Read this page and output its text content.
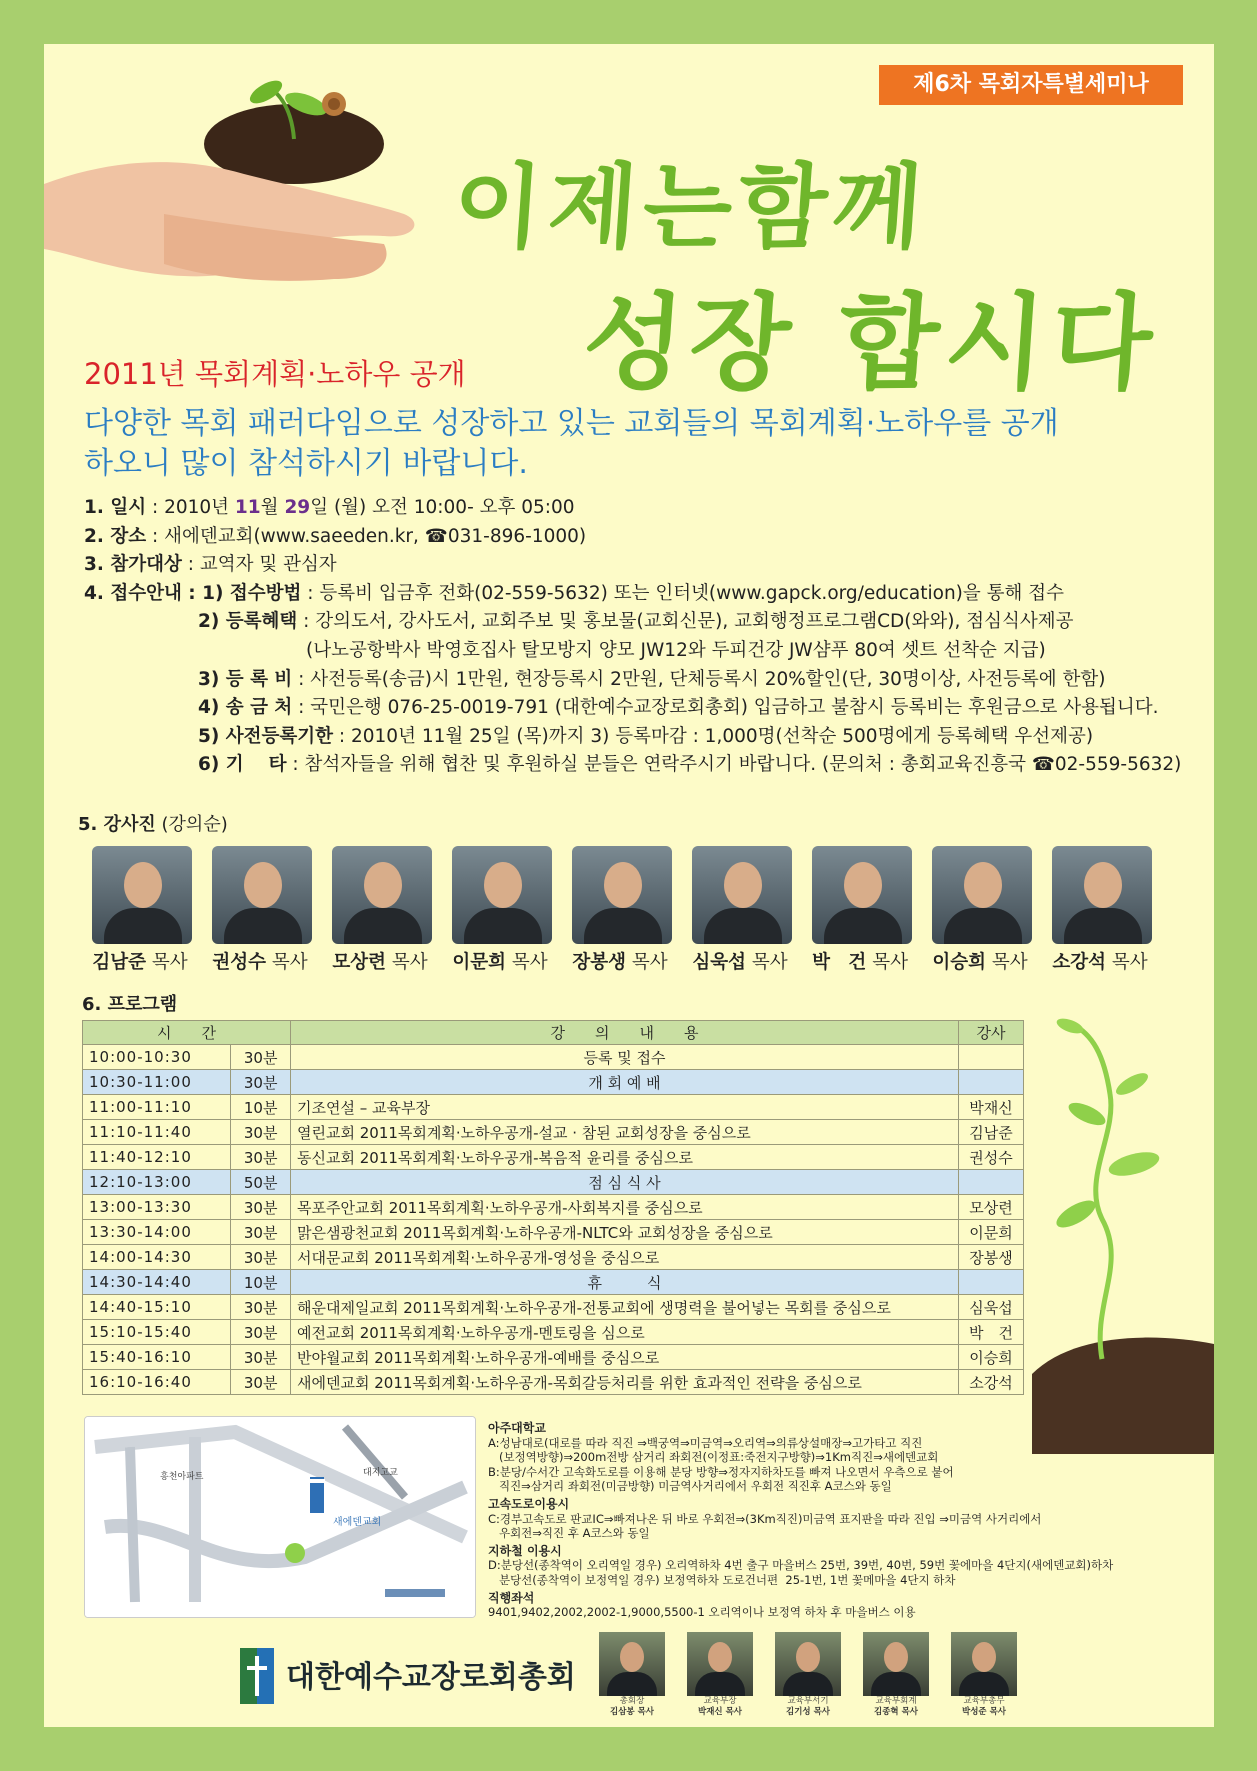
제6차 목회자특별세미나
이제는함께
성장 합시다
2011년 목회계획·노하우 공개
다양한 목회 패러다임으로 성장하고 있는 교회들의 목회계획·노하우를 공개하오니 많이 참석하시기 바랍니다.
1. 일시 : 2010년 11월 29일 (월) 오전 10:00- 오후 05:00
2. 장소 : 새에덴교회(www.saeeden.kr, ☎031-896-1000)
3. 참가대상 : 교역자 및 관심자
4. 접수안내 : 1) 접수방법 : 등록비 입금후 전화(02-559-5632) 또는 인터넷(www.gapck.org/education)을 통해 접수
2) 등록혜택 : 강의도서, 강사도서, 교회주보 및 홍보물(교회신문), 교회행정프로그램CD(와와), 점심식사제공
(나노공항박사 박영호집사 탈모방지 양모 JW12와 두피건강 JW샴푸 80여 셋트 선착순 지급)
3) 등 록 비 : 사전등록(송금)시 1만원, 현장등록시 2만원, 단체등록시 20%할인(단, 30명이상, 사전등록에 한함)
4) 송 금 처 : 국민은행 076-25-0019-791 (대한예수교장로회총회) 입금하고 불참시 등록비는 후원금으로 사용됩니다.
5) 사전등록기한 : 2010년 11월 25일 (목)까지 3) 등록마감 : 1,000명(선착순 500명에게 등록혜택 우선제공)
6) 기　 타 : 참석자들을 위해 협찬 및 후원하실 분들은 연락주시기 바랍니다. (문의처 : 총회교육진흥국 ☎02-559-5632)
5. 강사진 (강의순)
김남준 목사	권성수 목사	모상련 목사	이문희 목사	장봉생 목사	심욱섭 목사	박　건 목사	이승희 목사	소강석 목사
6. 프로그램
시　　간		강　　의　　내　　용	강사
10:00-10:30	30분	등록 및 접수	
10:30-11:00	30분	개 회 예 배	
11:00-11:10	10분	기조연설 – 교육부장	박재신
11:10-11:40	30분	열린교회 2011목회계획·노하우공개-설교 · 참된 교회성장을 중심으로	김남준
11:40-12:10	30분	동신교회 2011목회계획·노하우공개-복음적 윤리를 중심으로	권성수
12:10-13:00	50분	점 심 식 사	
13:00-13:30	30분	목포주안교회 2011목회계획·노하우공개-사회복지를 중심으로	모상련
13:30-14:00	30분	맑은샘광천교회 2011목회계획·노하우공개-NLTC와 교회성장을 중심으로	이문희
14:00-14:30	30분	서대문교회 2011목회계획·노하우공개-영성을 중심으로	장봉생
14:30-14:40	10분	휴　　　식	
14:40-15:10	30분	해운대제일교회 2011목회계획·노하우공개-전통교회에 생명력을 불어넣는 목회를 중심으로	심욱섭
15:10-15:40	30분	예전교회 2011목회계획·노하우공개-멘토링을 심으로	박　건
15:40-16:10	30분	반야월교회 2011목회계획·노하우공개-예배를 중심으로	이승희
16:10-16:40	30분	새에덴교회 2011목회계획·노하우공개-목회갈등처리를 위한 효과적인 전략을 중심으로	소강석
새에덴교회
대지고교
흥천아파트
아주대학교
A:성남대로(대로를 따라 직진 ⇒백궁역⇒미금역⇒오리역⇒의류상설매장⇒고가타고 직진
(보정역방향)⇒200m전방 삼거리 좌회전(이정표:죽전지구방향)⇒1Km직진⇒새에덴교회
B:분당/수서간 고속화도로를 이용해 분당 방향⇒정자지하차도를 빠져 나오면서 우측으로 붙어
직진⇒삼거리 좌회전(미금방향) 미금역사거리에서 우회전 직진후 A코스와 동일
고속도로이용시
C:경부고속도로 판교IC⇒빠져나온 뒤 바로 우회전⇒(3Km직진)미금역 표지판을 따라 진입 ⇒미금역 사거리에서
우회전⇒직진 후 A코스와 동일
지하철 이용시
D:분당선(종착역이 오리역일 경우) 오리역하차 4번 출구 마을버스 25번, 39번, 40번, 59번 꽃에마을 4단지(새에덴교회)하차
분당선(종착역이 보정역일 경우) 보정역하차 도로건너편  25-1번, 1번 꽃메마을 4단지 하차
직행좌석
9401,9402,2002,2002-1,9000,5500-1 오리역이나 보정역 하차 후 마을버스 이용
대한예수교장로회총회
총회장
김삼봉 목사
교육부장
박재신 목사
교육부서기
김기성 목사
교육부회계
김종혁 목사
교육부총무
박성준 목사
